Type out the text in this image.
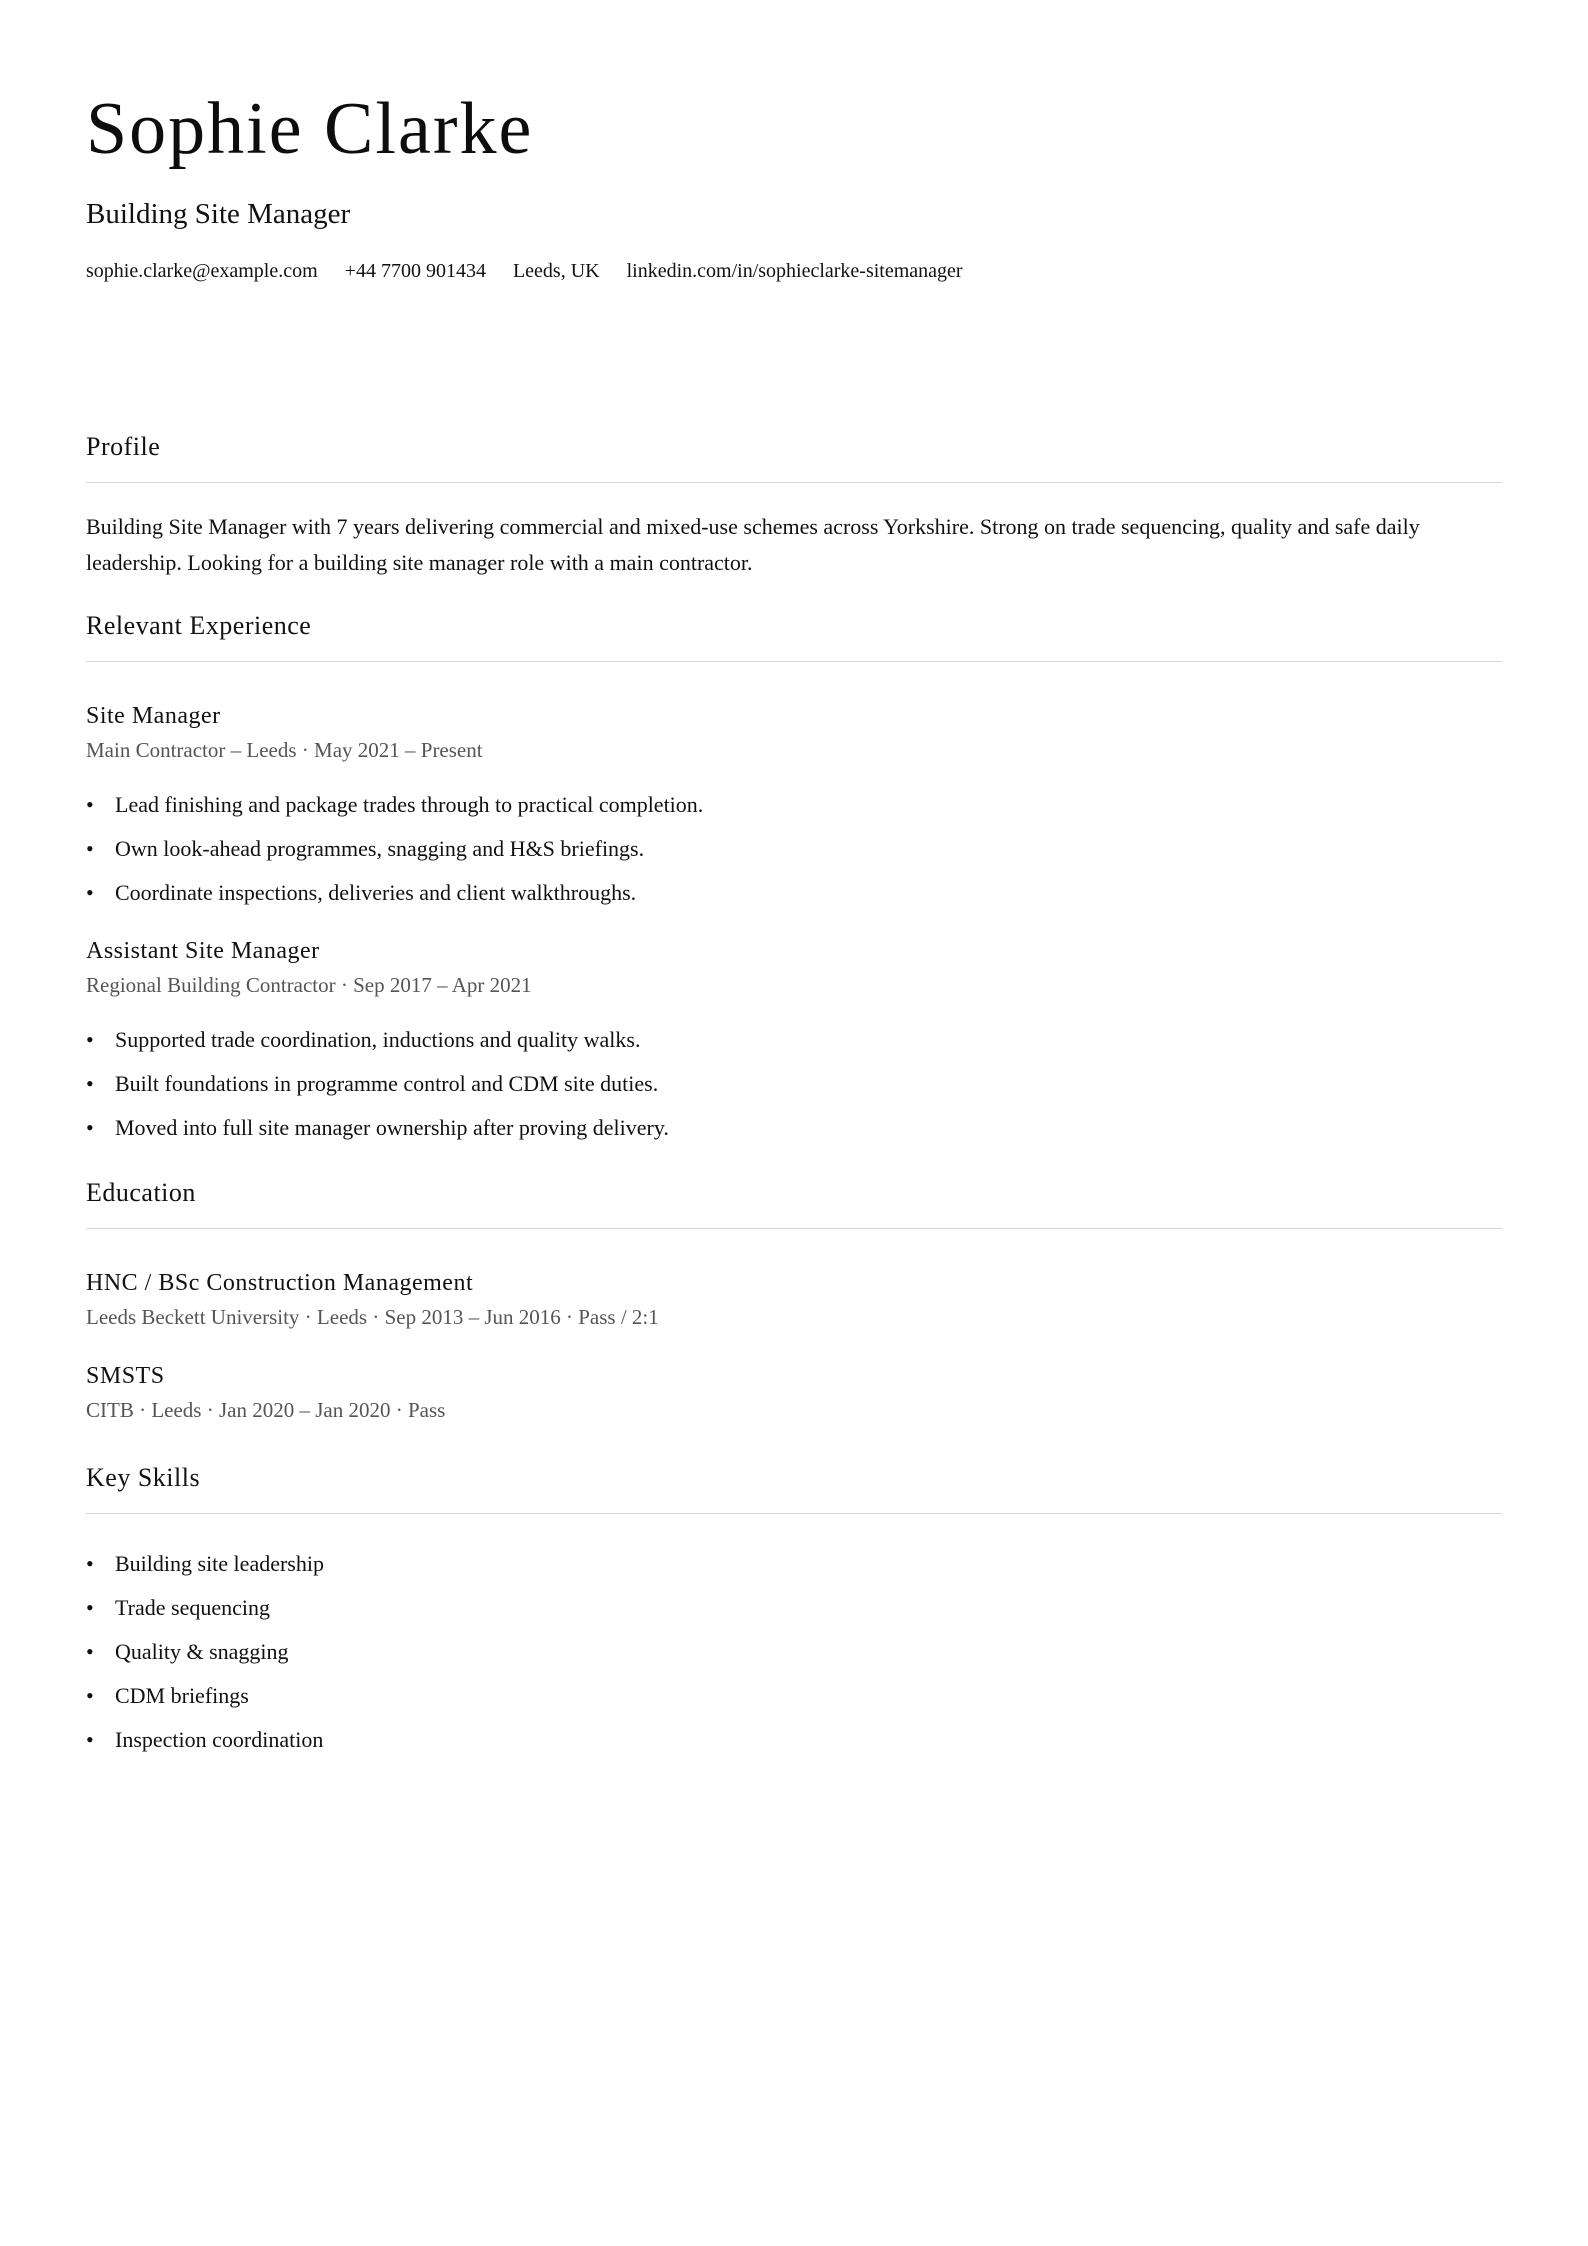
Sophie Clarke
Building Site Manager
sophie.clarke@example.com +44 7700 901434 Leeds, UK linkedin.com/in/sophieclarke-sitemanager
Profile

Building Site Manager with 7 years delivering commercial and mixed-use schemes across Yorkshire. Strong on trade sequencing, quality and safe daily leadership. Looking for a building site manager role with a main contractor.

Relevant Experience
Site Manager
Main Contractor – Leeds · May 2021 – Present
• Lead finishing and package trades through to practical completion.
• Own look-ahead programmes, snagging and H&S briefings.
• Coordinate inspections, deliveries and client walkthroughs.
Assistant Site Manager
Regional Building Contractor · Sep 2017 – Apr 2021
• Supported trade coordination, inductions and quality walks.
• Built foundations in programme control and CDM site duties.
• Moved into full site manager ownership after proving delivery.
Education
HNC / BSc Construction Management
Leeds Beckett University · Leeds · Sep 2013 – Jun 2016 · Pass / 2:1
SMSTS
CITB · Leeds · Jan 2020 – Jan 2020 · Pass
Key Skills
• Building site leadership
• Trade sequencing
• Quality & snagging
• CDM briefings
• Inspection coordination
